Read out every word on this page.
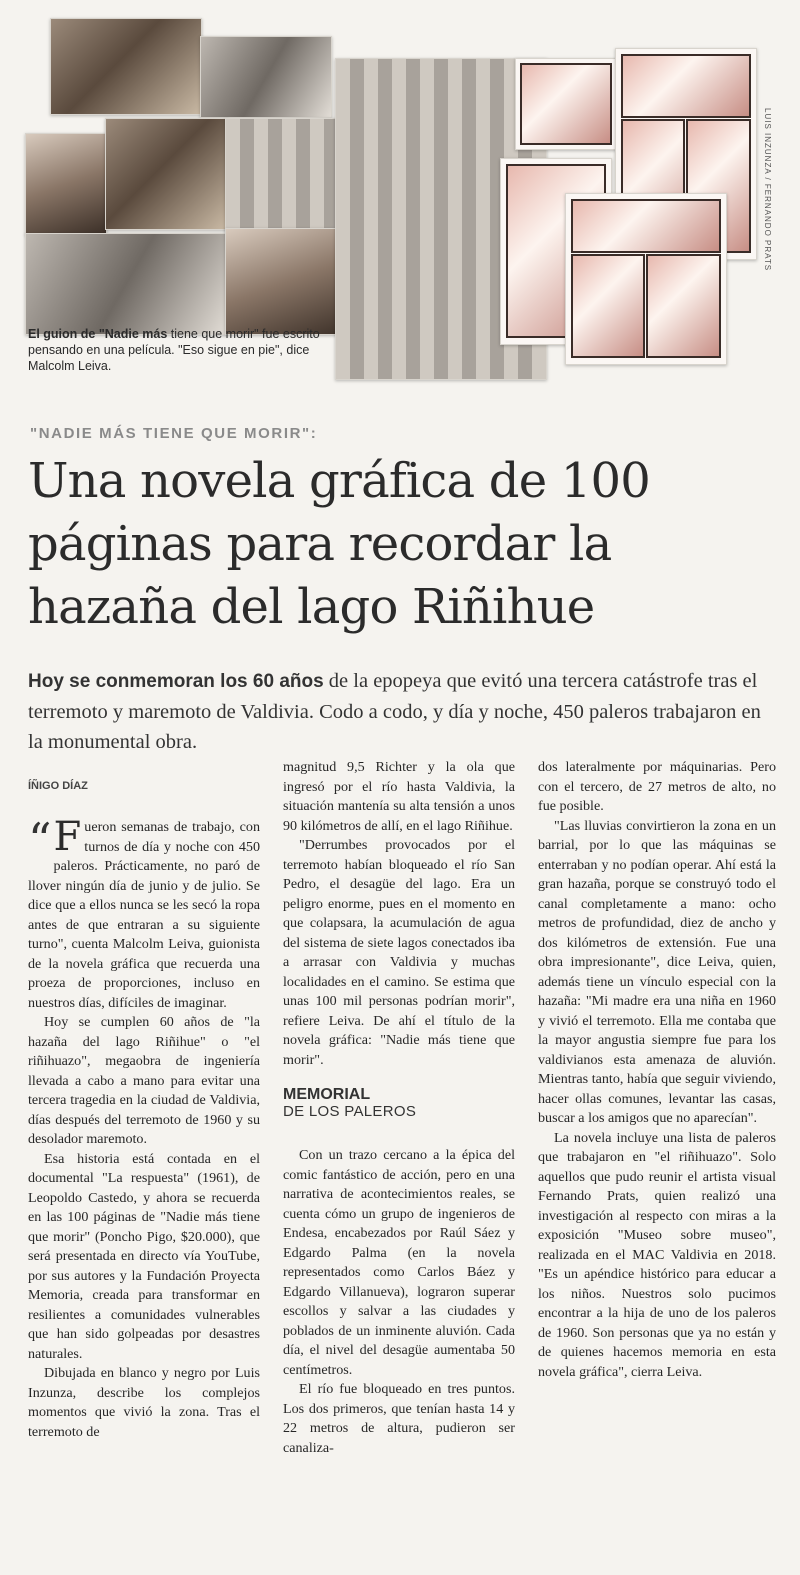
LUIS INZUNZA / FERNANDO PRATS
El guion de "Nadie más tiene que morir" fue escrito pensando en una película. "Eso sigue en pie", dice Malcolm Leiva.
"NADIE MÁS TIENE QUE MORIR":
Una novela gráfica de 100 páginas para recordar la hazaña del lago Riñihue
Hoy se conmemoran los 60 años de la epopeya que evitó una tercera catástrofe tras el terremoto y maremoto de Valdivia. Codo a codo, y día y noche, 450 paleros trabajaron en la monumental obra.
ÍÑIGO DÍAZ

“ F ueron semanas de trabajo, con turnos de día y noche con 450 paleros. Prácticamente, no paró de llover ningún día de junio y de julio. Se dice que a ellos nunca se les secó la ropa antes de que entraran a su siguiente turno", cuenta Malcolm Leiva, guionista de la novela gráfica que recuerda una proeza de proporciones, incluso en nuestros días, difíciles de imaginar.

Hoy se cumplen 60 años de "la hazaña del lago Riñihue" o "el riñihuazo", megaobra de ingeniería llevada a cabo a mano para evitar una tercera tragedia en la ciudad de Valdivia, días después del terremoto de 1960 y su desolador maremoto.

Esa historia está contada en el documental "La respuesta" (1961), de Leopoldo Castedo, y ahora se recuerda en las 100 páginas de "Nadie más tiene que morir" (Poncho Pigo, $20.000), que será presentada en directo vía YouTube, por sus autores y la Fundación Proyecta Memoria, creada para transformar en resilientes a comunidades vulnerables que han sido golpeadas por desastres naturales.

Dibujada en blanco y negro por Luis Inzunza, describe los complejos momentos que vivió la zona. Tras el terremoto de

magnitud 9,5 Richter y la ola que ingresó por el río hasta Valdivia, la situación mantenía su alta tensión a unos 90 kilómetros de allí, en el lago Riñihue.

"Derrumbes provocados por el terremoto habían bloqueado el río San Pedro, el desagüe del lago. Era un peligro enorme, pues en el momento en que colapsara, la acumulación de agua del sistema de siete lagos conectados iba a arrasar con Valdivia y muchas localidades en el camino. Se estima que unas 100 mil personas podrían morir", refiere Leiva. De ahí el título de la novela gráfica: "Nadie más tiene que morir".

MEMORIAL
DE LOS PALEROS

Con un trazo cercano a la épica del comic fantástico de acción, pero en una narrativa de acontecimientos reales, se cuenta cómo un grupo de ingenieros de Endesa, encabezados por Raúl Sáez y Edgardo Palma (en la novela representados como Carlos Báez y Edgardo Villanueva), lograron superar escollos y salvar a las ciudades y poblados de un inminente aluvión. Cada día, el nivel del desagüe aumentaba 50 centímetros.

El río fue bloqueado en tres puntos. Los dos primeros, que tenían hasta 14 y 22 metros de altura, pudieron ser canaliza-

dos lateralmente por máquinarias. Pero con el tercero, de 27 metros de alto, no fue posible.

"Las lluvias convirtieron la zona en un barrial, por lo que las máquinas se enterraban y no podían operar. Ahí está la gran hazaña, porque se construyó todo el canal completamente a mano: ocho metros de profundidad, diez de ancho y dos kilómetros de extensión. Fue una obra impresionante", dice Leiva, quien, además tiene un vínculo especial con la hazaña: "Mi madre era una niña en 1960 y vivió el terremoto. Ella me contaba que la mayor angustia siempre fue para los valdivianos esta amenaza de aluvión. Mientras tanto, había que seguir viviendo, hacer ollas comunes, levantar las casas, buscar a los amigos que no aparecían".

La novela incluye una lista de paleros que trabajaron en "el riñihuazo". Solo aquellos que pudo reunir el artista visual Fernando Prats, quien realizó una investigación al respecto con miras a la exposición "Museo sobre museo", realizada en el MAC Valdivia en 2018. "Es un apéndice histórico para educar a los niños. Nuestros solo pucimos encontrar a la hija de uno de los paleros de 1960. Son personas que ya no están y de quienes hacemos memoria en esta novela gráfica", cierra Leiva.
